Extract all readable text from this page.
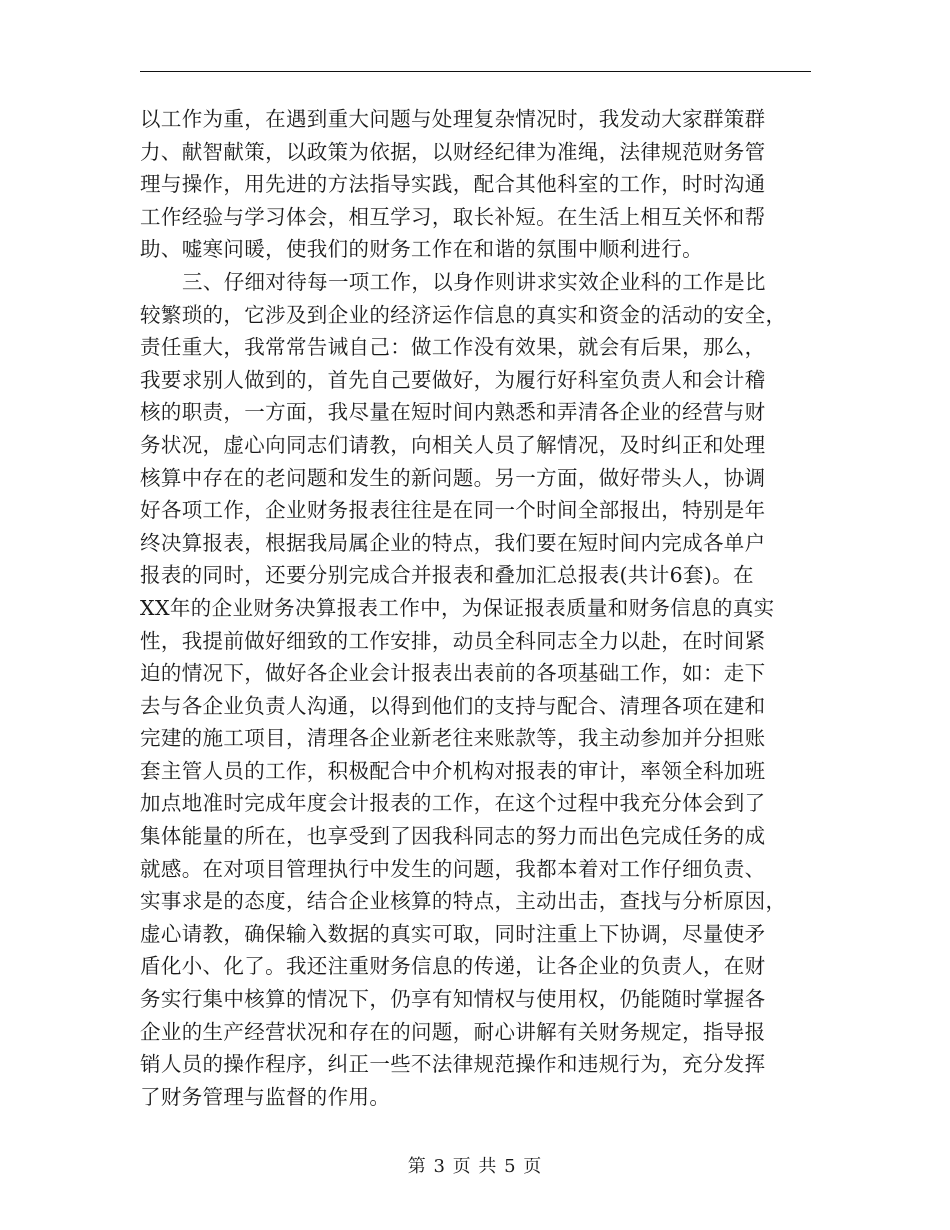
以工作为重，在遇到重大问题与处理复杂情况时，我发动大家群策群
力、献智献策，以政策为依据，以财经纪律为准绳，法律规范财务管
理与操作，用先进的方法指导实践，配合其他科室的工作，时时沟通
工作经验与学习体会，相互学习，取长补短。在生活上相互关怀和帮
助、嘘寒问暖，使我们的财务工作在和谐的氛围中顺利进行。
三、仔细对待每一项工作，以身作则讲求实效企业科的工作是比
较繁琐的，它涉及到企业的经济运作信息的真实和资金的活动的安全，
责任重大，我常常告诫自己：做工作没有效果，就会有后果，那么，
我要求别人做到的，首先自己要做好，为履行好科室负责人和会计稽
核的职责，一方面，我尽量在短时间内熟悉和弄清各企业的经营与财
务状况，虚心向同志们请教，向相关人员了解情况，及时纠正和处理
核算中存在的老问题和发生的新问题。另一方面，做好带头人，协调
好各项工作，企业财务报表往往是在同一个时间全部报出，特别是年
终决算报表，根据我局属企业的特点，我们要在短时间内完成各单户
报表的同时，还要分别完成合并报表和叠加汇总报表(共计6套)。在
XX年的企业财务决算报表工作中，为保证报表质量和财务信息的真实
性，我提前做好细致的工作安排，动员全科同志全力以赴，在时间紧
迫的情况下，做好各企业会计报表出表前的各项基础工作，如：走下
去与各企业负责人沟通，以得到他们的支持与配合、清理各项在建和
完建的施工项目，清理各企业新老往来账款等，我主动参加并分担账
套主管人员的工作，积极配合中介机构对报表的审计，率领全科加班
加点地准时完成年度会计报表的工作，在这个过程中我充分体会到了
集体能量的所在，也享受到了因我科同志的努力而出色完成任务的成
就感。在对项目管理执行中发生的问题，我都本着对工作仔细负责、
实事求是的态度，结合企业核算的特点，主动出击，查找与分析原因，
虚心请教，确保输入数据的真实可取，同时注重上下协调，尽量使矛
盾化小、化了。我还注重财务信息的传递，让各企业的负责人，在财
务实行集中核算的情况下，仍享有知情权与使用权，仍能随时掌握各
企业的生产经营状况和存在的问题，耐心讲解有关财务规定，指导报
销人员的操作程序，纠正一些不法律规范操作和违规行为，充分发挥
了财务管理与监督的作用。
第 3 页 共 5 页
